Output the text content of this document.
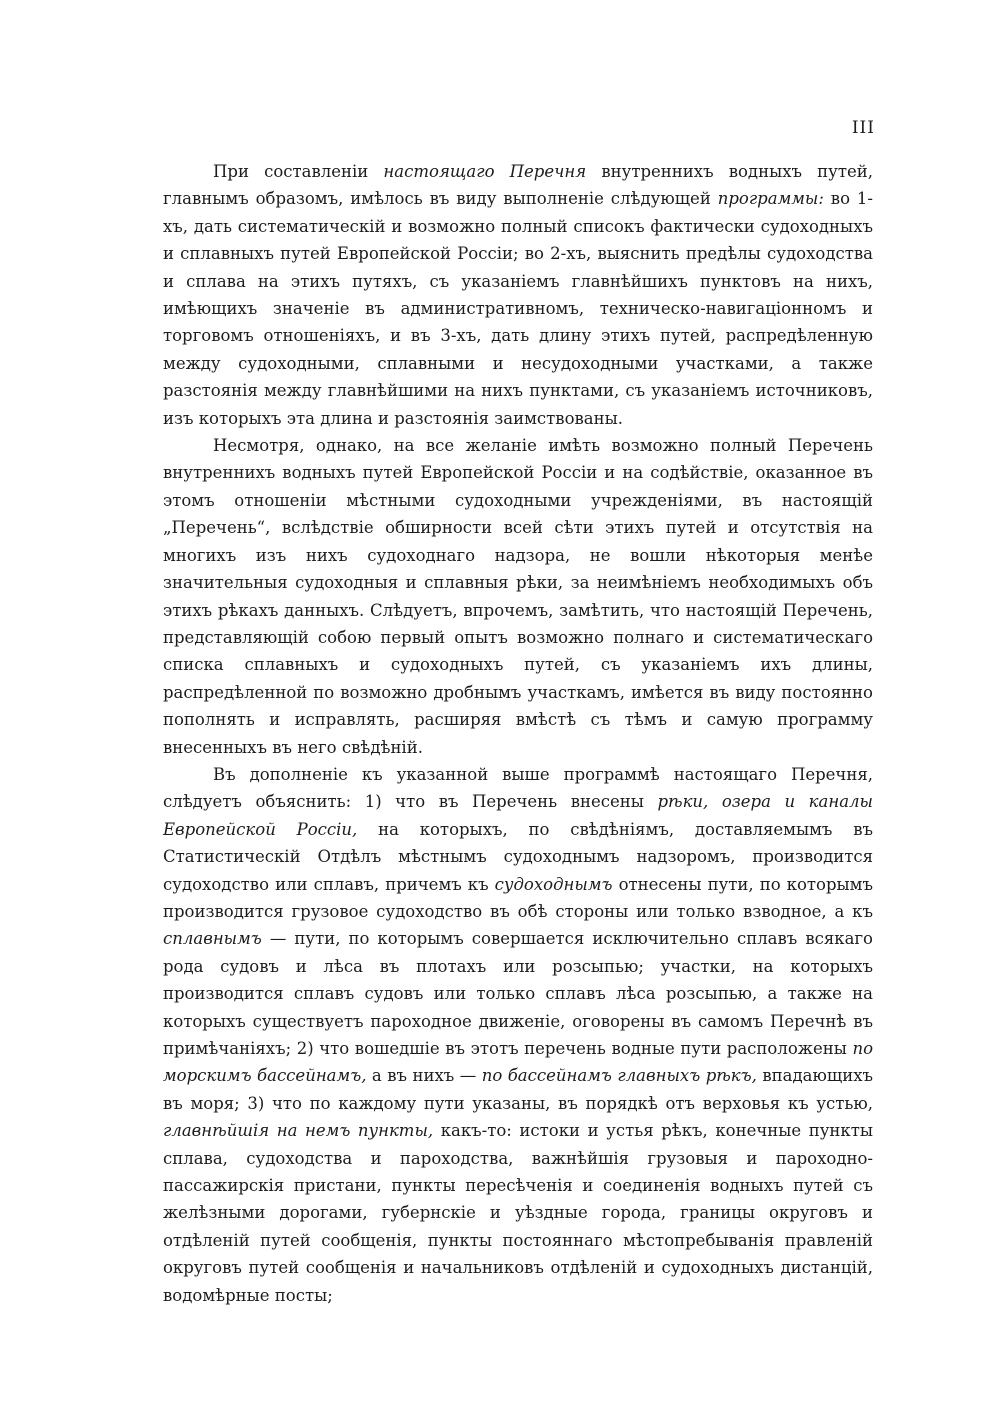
III

При составленіи настоящаго Перечня внутреннихъ водныхъ путей, главнымъ образомъ, имѣлось въ виду выполненіе слѣдующей программы: во 1-хъ, дать систематическій и возможно полный списокъ фактически судоходныхъ и сплавныхъ путей Европейской Россіи; во 2-хъ, выяснить предѣлы судоходства и сплава на этихъ путяхъ, съ указаніемъ главнѣйшихъ пунктовъ на нихъ, имѣющихъ значеніе въ административномъ, техническо-навигаціонномъ и торговомъ отношеніяхъ, и въ 3-хъ, дать длину этихъ путей, распредѣленную между судоходными, сплавными и несудоходными участками, а также разстоянія между главнѣйшими на нихъ пунктами, съ указаніемъ источниковъ, изъ которыхъ эта длина и разстоянія заимствованы.

Несмотря, однако, на все желаніе имѣть возможно полный Перечень внутреннихъ водныхъ путей Европейской Россіи и на содѣйствіе, оказанное въ этомъ отношеніи мѣстными судоходными учрежденіями, въ настоящій „Перечень“, вслѣдствіе обширности всей сѣти этихъ путей и отсутствія на многихъ изъ нихъ судоходнаго надзора, не вошли нѣкоторыя менѣе значительныя судоходныя и сплавныя рѣки, за неимѣніемъ необходимыхъ объ этихъ рѣкахъ данныхъ. Слѣдуетъ, впрочемъ, замѣтить, что настоящій Перечень, представляющій собою первый опытъ возможно полнаго и систематическаго списка сплавныхъ и судоходныхъ путей, съ указаніемъ ихъ длины, распредѣленной по возможно дробнымъ участкамъ, имѣется въ виду постоянно пополнять и исправлять, расширяя вмѣстѣ съ тѣмъ и самую программу внесенныхъ въ него свѣдѣній.

Въ дополненіе къ указанной выше программѣ настоящаго Перечня, слѣдуетъ объяснить: 1) что въ Перечень внесены рѣки, озера и каналы Европейской Россіи, на которыхъ, по свѣдѣніямъ, доставляемымъ въ Статистическій Отдѣлъ мѣстнымъ судоходнымъ надзоромъ, производится судоходство или сплавъ, причемъ къ судоходнымъ отнесены пути, по которымъ производится грузовое судоходство въ обѣ стороны или только взводное, а къ сплавнымъ — пути, по которымъ совершается исключительно сплавъ всякаго рода судовъ и лѣса въ плотахъ или розсыпью; участки, на которыхъ производится сплавъ судовъ или только сплавъ лѣса розсыпью, а также на которыхъ существуетъ пароходное движеніе, оговорены въ самомъ Перечнѣ въ примѣчаніяхъ; 2) что вошедшіе въ этотъ перечень водные пути расположены по морскимъ бассейнамъ, а въ нихъ — по бассейнамъ главныхъ рѣкъ, впадающихъ въ моря; 3) что по каждому пути указаны, въ порядкѣ отъ верховья къ устью, главнѣйшія на немъ пункты, какъ-то: истоки и устья рѣкъ, конечные пункты сплава, судоходства и пароходства, важнѣйшія грузовыя и пароходно-пассажирскія пристани, пункты пересѣченія и соединенія водныхъ путей съ желѣзными дорогами, губернскіе и уѣздные города, границы округовъ и отдѣленій путей сообщенія, пункты постояннаго мѣстопребыванія правленій округовъ путей сообщенія и начальниковъ отдѣленій и судоходныхъ дистанцій, водомѣрные посты;
